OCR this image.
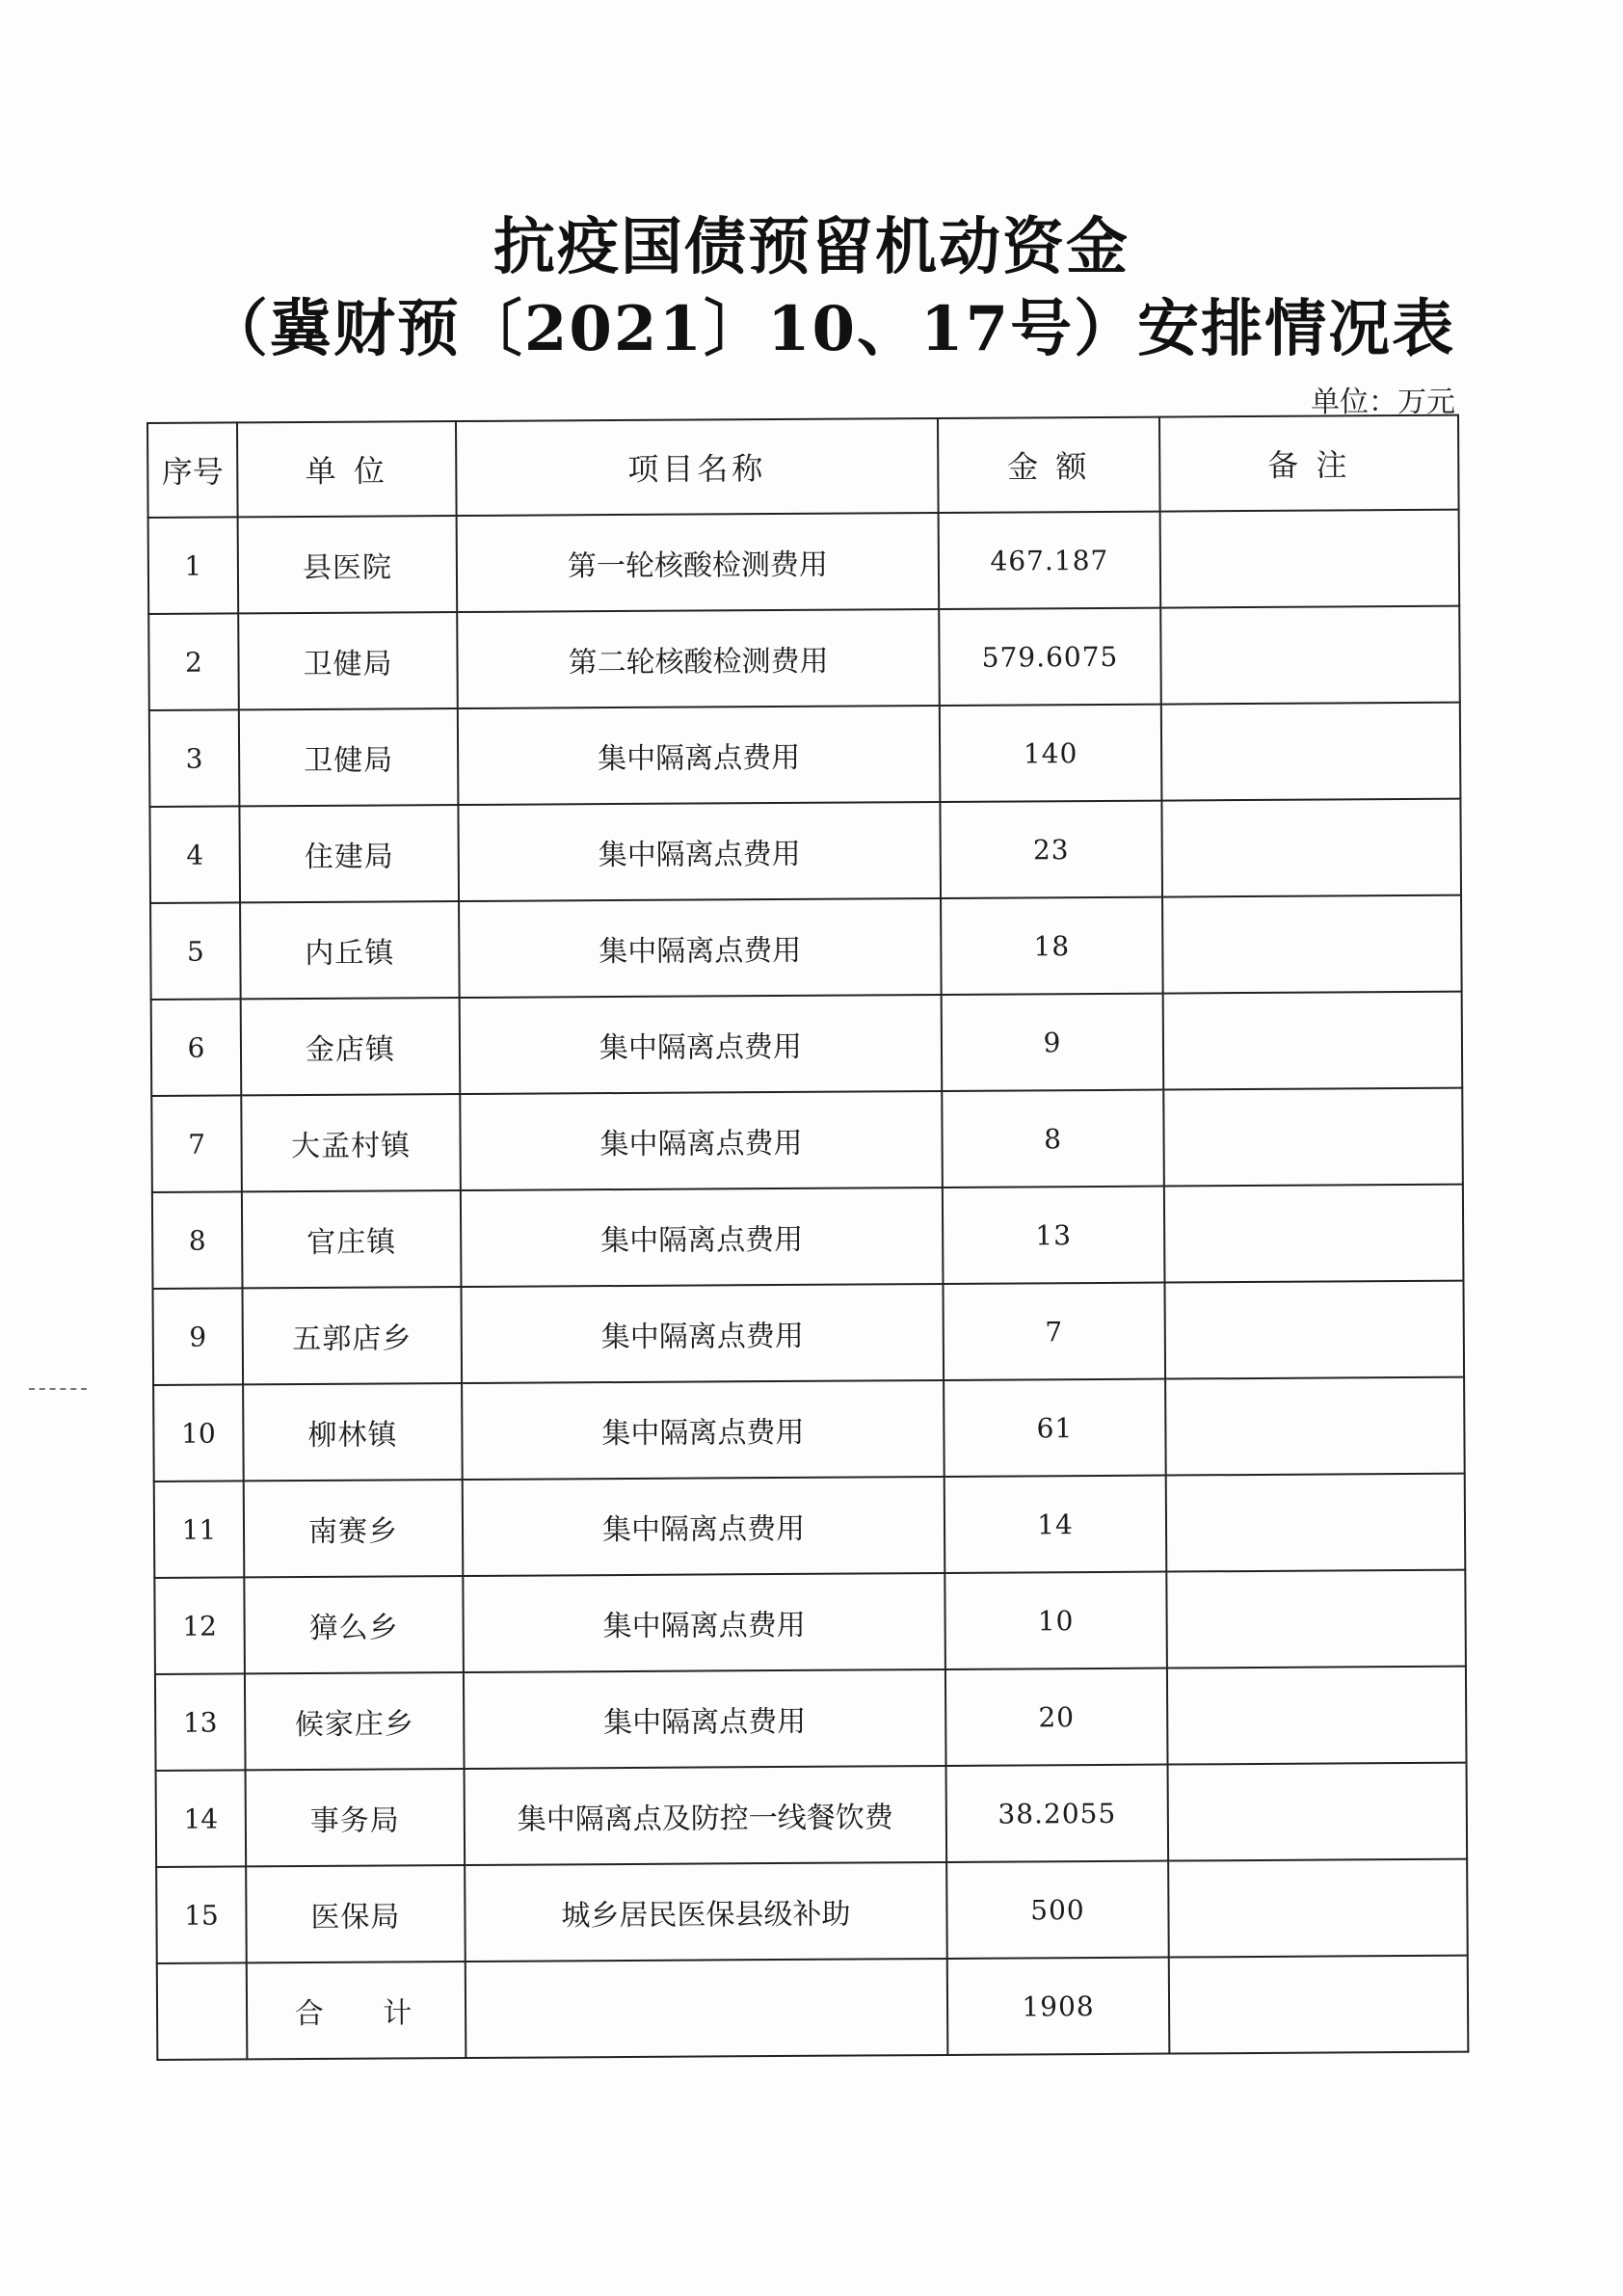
抗疫国债预留机动资金
（冀财预〔2021〕10、17号）安排情况表
单位：万元
序号	单 位	项目名称	金 额	备 注
1	县医院	第一轮核酸检测费用	467.187	
2	卫健局	第二轮核酸检测费用	579.6075	
3	卫健局	集中隔离点费用	140	
4	住建局	集中隔离点费用	23	
5	内丘镇	集中隔离点费用	18	
6	金店镇	集中隔离点费用	9	
7	大孟村镇	集中隔离点费用	8	
8	官庄镇	集中隔离点费用	13	
9	五郭店乡	集中隔离点费用	7	
10	柳林镇	集中隔离点费用	61	
11	南赛乡	集中隔离点费用	14	
12	獐么乡	集中隔离点费用	10	
13	候家庄乡	集中隔离点费用	20	
14	事务局	集中隔离点及防控一线餐饮费	38.2055	
15	医保局	城乡居民医保县级补助	500	
	合 计		1908	
